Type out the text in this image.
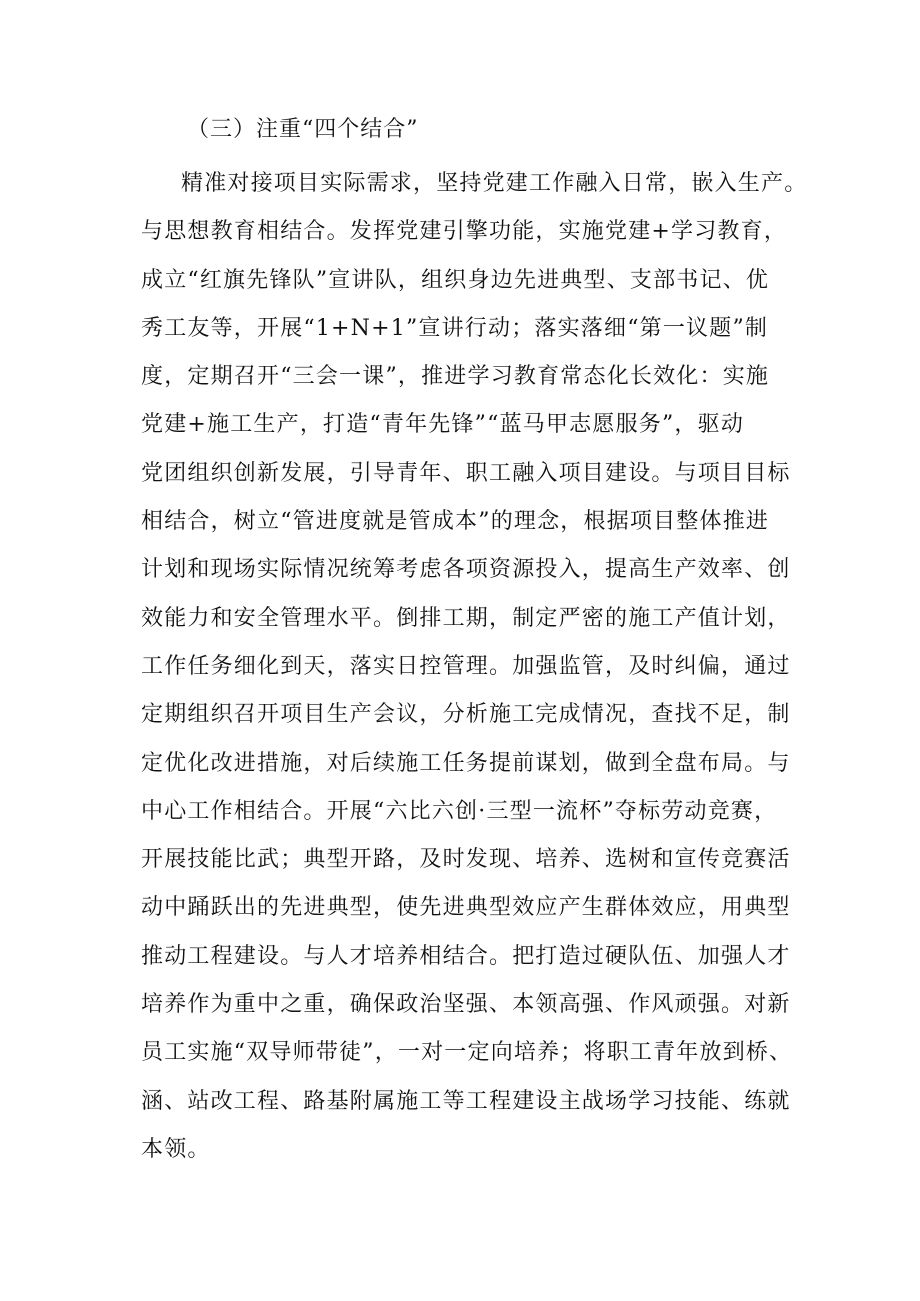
（三）注重“四个结合”
精准对接项目实际需求，坚持党建工作融入日常，嵌入生产。
与思想教育相结合。发挥党建引擎功能，实施党建+学习教育，
成立“红旗先锋队”宣讲队，组织身边先进典型、支部书记、优
秀工友等，开展“1+N+1”宣讲行动；落实落细“第一议题”制
度，定期召开“三会一课”，推进学习教育常态化长效化：实施
党建+施工生产，打造“青年先锋”“蓝马甲志愿服务”，驱动
党团组织创新发展，引导青年、职工融入项目建设。与项目目标
相结合，树立“管进度就是管成本”的理念，根据项目整体推进
计划和现场实际情况统筹考虑各项资源投入，提高生产效率、创
效能力和安全管理水平。倒排工期，制定严密的施工产值计划，
工作任务细化到天，落实日控管理。加强监管，及时纠偏，通过
定期组织召开项目生产会议，分析施工完成情况，查找不足，制
定优化改进措施，对后续施工任务提前谋划，做到全盘布局。与
中心工作相结合。开展“六比六创·三型一流杯”夺标劳动竞赛，
开展技能比武；典型开路，及时发现、培养、选树和宣传竞赛活
动中踊跃出的先进典型，使先进典型效应产生群体效应，用典型
推动工程建设。与人才培养相结合。把打造过硬队伍、加强人才
培养作为重中之重，确保政治坚强、本领高强、作风顽强。对新
员工实施“双导师带徒”，一对一定向培养；将职工青年放到桥、
涵、站改工程、路基附属施工等工程建设主战场学习技能、练就
本领。
